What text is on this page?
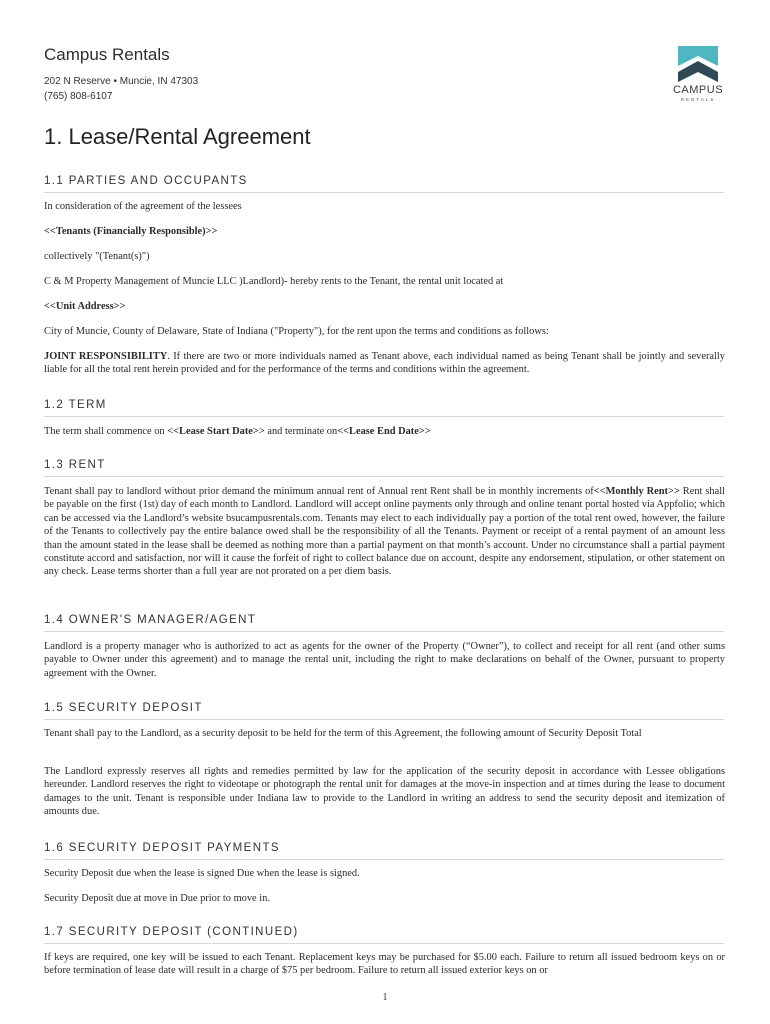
Campus Rentals

202 N Reserve • Muncie, IN 47303

(765) 808-6107

CAMPUS
RENTALS
1. Lease/Rental Agreement
1.1 PARTIES AND OCCUPANTS

In consideration of the agreement of the lessees

<<Tenants (Financially Responsible)>>

collectively "(Tenant(s)")

C & M Property Management of Muncie LLC )Landlord)- hereby rents to the Tenant, the rental unit located at

<<Unit Address>>

City of Muncie, County of Delaware, State of Indiana ("Property"), for the rent upon the terms and conditions as follows:

JOINT RESPONSIBILITY. If there are two or more individuals named as Tenant above, each individual named as being Tenant shall be jointly and severally liable for all the total rent herein provided and for the performance of the terms and conditions within the agreement.

1.2 TERM

The term shall commence on <<Lease Start Date>> and terminate on<<Lease End Date>>

1.3 RENT

Tenant shall pay to landlord without prior demand the minimum annual rent of Annual rent Rent shall be in monthly increments of<<Monthly Rent>> Rent shall be payable on the first (1st) day of each month to Landlord. Landlord will accept online payments only through and online tenant portal hosted via Appfolio; which can be accessed via the Landlord’s website bsucampusrentals.com. Tenants may elect to each individually pay a portion of the total rent owed, however, the failure of the Tenants to collectively pay the entire balance owed shall be the responsibility of all the Tenants. Payment or receipt of a rental payment of an amount less than the amount stated in the lease shall be deemed as nothing more than a partial payment on that month’s account. Under no circumstance shall a partial payment constitute accord and satisfaction, nor will it cause the forfeit of right to collect balance due on account, despite any endorsement, stipulation, or other statement on any check. Lease terms shorter than a full year are not prorated on a per diem basis.

1.4 OWNER'S MANAGER/AGENT

Landlord is a property manager who is authorized to act as agents for the owner of the Property (“Owner”), to collect and receipt for all rent (and other sums payable to Owner under this agreement) and to manage the rental unit, including the right to make declarations on behalf of the Owner, pursuant to property agreement with the Owner.

1.5 SECURITY DEPOSIT

Tenant shall pay to the Landlord, as a security deposit to be held for the term of this Agreement, the following amount of Security Deposit Total

The Landlord expressly reserves all rights and remedies permitted by law for the application of the security deposit in accordance with Lessee obligations hereunder. Landlord reserves the right to videotape or photograph the rental unit for damages at the move-in inspection and at times during the lease to document damages to the unit. Tenant is responsible under Indiana law to provide to the Landlord in writing an address to send the security deposit and itemization of amounts due.

1.6 SECURITY DEPOSIT PAYMENTS

Security Deposit due when the lease is signed Due when the lease is signed.

Security Deposit due at move in Due prior to move in.

1.7 SECURITY DEPOSIT (CONTINUED)

If keys are required, one key will be issued to each Tenant. Replacement keys may be purchased for $5.00 each. Failure to return all issued bedroom keys on or before termination of lease date will result in a charge of $75 per bedroom. Failure to return all issued exterior keys on or

1
